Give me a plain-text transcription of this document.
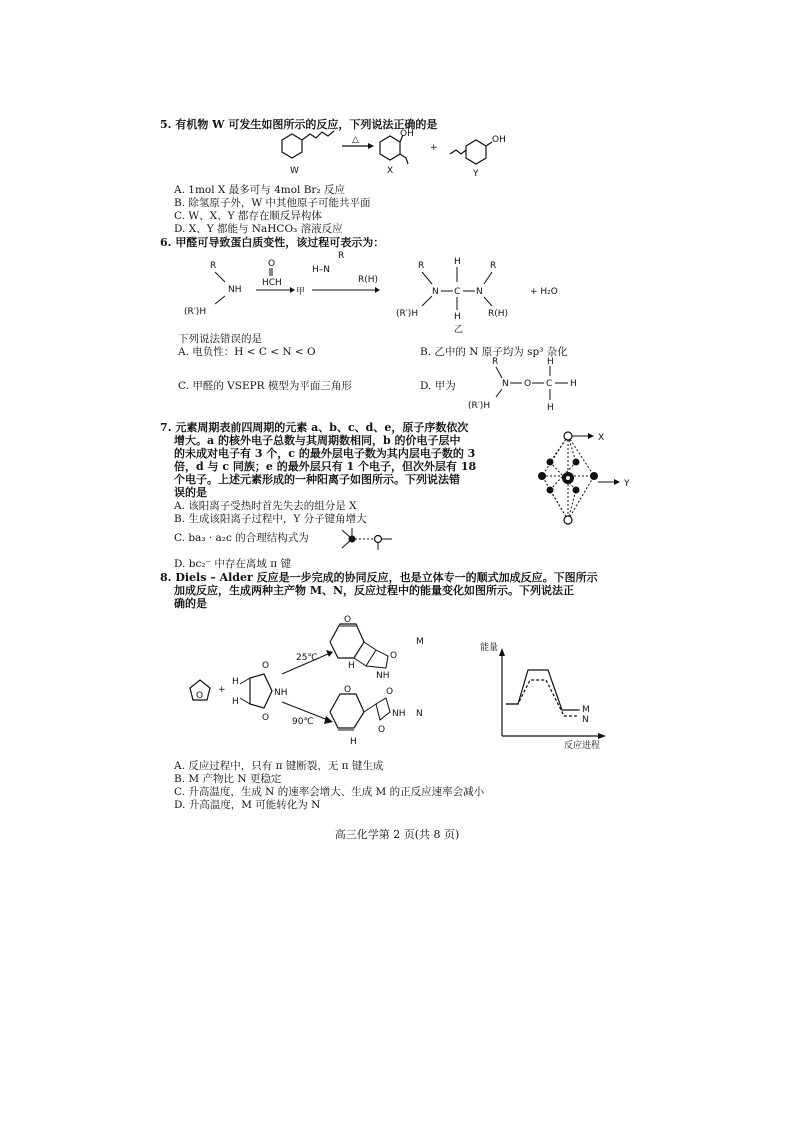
5. 有机物 W 可发生如图所示的反应，下列说法正确的是
W
△
OH
X
+
OH
Y
A. 1mol X 最多可与 4mol Br₂ 反应
B. 除氢原子外，W 中其他原子可能共平面
C. W、X、Y 都存在顺反异构体
D. X、Y 都能与 NaHCO₃ 溶液反应
6. 甲醛可导致蛋白质变性，该过程可表示为：
R
NH
(R′)H
O
HCH
甲
R
H–N
R(H)
R
N
(R′)H
H
C
H
乙
N
R
R(H)
+ H₂O
下列说法错误的是
A. 电负性：H < C < N < O	B. 乙中的 N 原子均为 sp³ 杂化
C. 甲醛的 VSEPR 模型为平面三角形	D. 甲为
R
N O
H
C H
H
(R′)H
7. 元素周期表前四周期的元素 a、b、c、d、e，原子序数依次
增大。a 的核外电子总数与其周期数相同，b 的价电子层中
的未成对电子有 3 个，c 的最外层电子数为其内层电子数的 3
倍，d 与 c 同族；e 的最外层只有 1 个电子，但次外层有 18
个电子。上述元素形成的一种阳离子如图所示。下列说法错
误的是
A. 该阳离子受热时首先失去的组分是 X
B. 生成该阳离子过程中，Y 分子键角增大
C. ba₃ · a₂c 的合理结构式为
D. bc₂⁻ 中存在离域 π 键
X
Y
8. Diels – Alder 反应是一步完成的协同反应，也是立体专一的顺式加成反应。下图所示
加成反应，生成两种主产物 M、N，反应过程中的能量变化如图所示。下列说法正
确的是
O
+
H
H
O
O
NH
25℃
90℃
O
O
NH
H
M
O	O
NH
O
H
N
能量
反应进程
M
N
A. 反应过程中，只有 π 键断裂，无 π 键生成
B. M 产物比 N 更稳定
C. 升高温度，生成 N 的速率会增大、生成 M 的正反应速率会减小
D. 升高温度，M 可能转化为 N
高三化学第 2 页(共 8 页)
